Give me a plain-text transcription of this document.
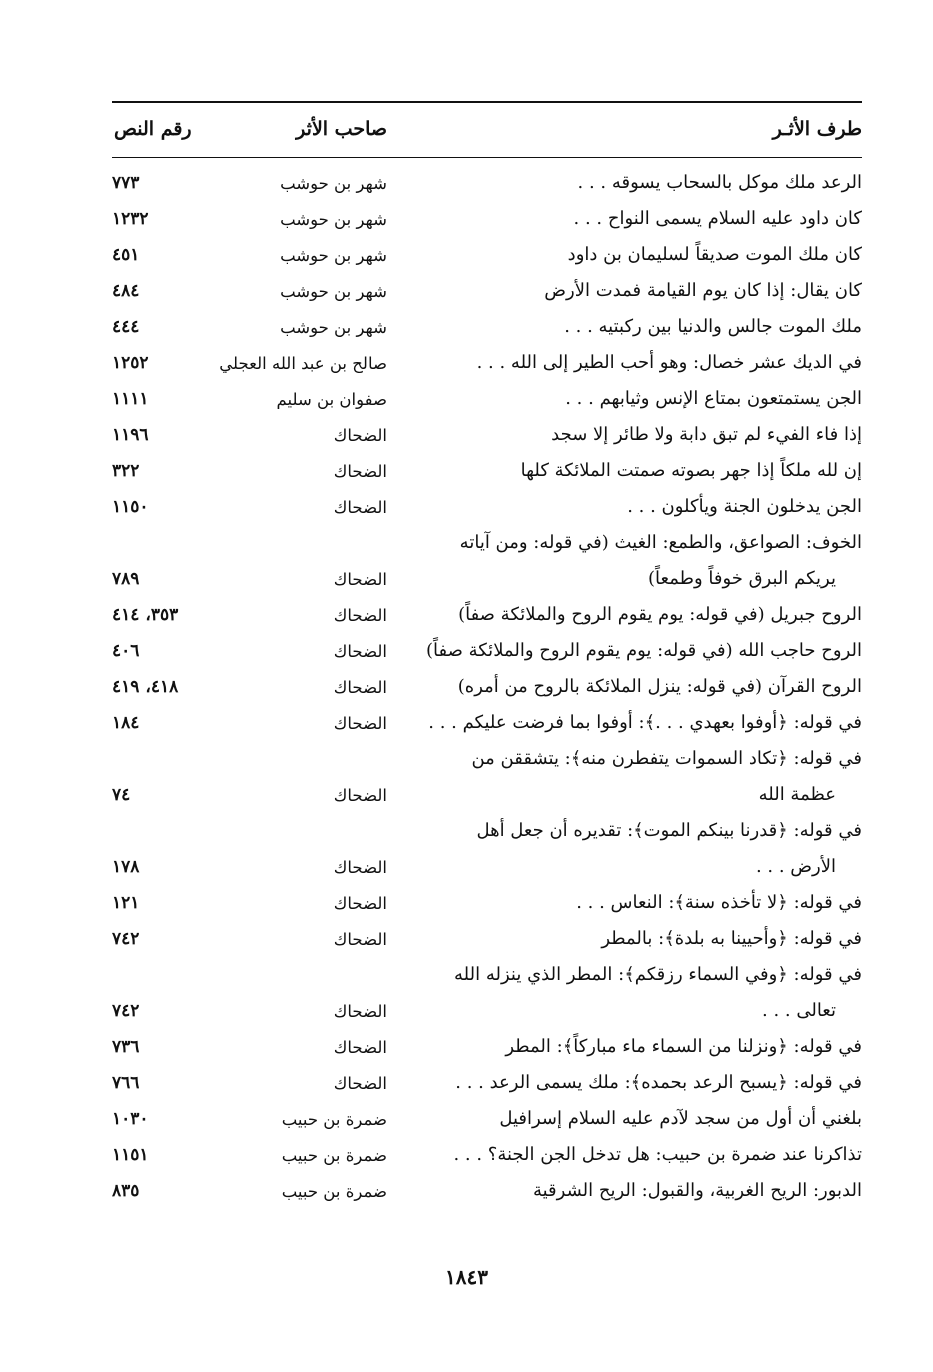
طرف الأثـر
صاحب الأثر
رقم النص
الرعد ملك موكل بالسحاب يسوقه . . .
شهر بن حوشب
٧٧٣
كان داود عليه السلام يسمى النواح . . .
شهر بن حوشب
١٢٣٢
كان ملك الموت صديقاً لسليمان بن داود
شهر بن حوشب
٤٥١
كان يقال: إذا كان يوم القيامة فمدت الأرض
شهر بن حوشب
٤٨٤
ملك الموت جالس والدنيا بين ركبتيه . . .
شهر بن حوشب
٤٤٤
في الديك عشر خصال: وهو أحب الطير إلى الله . . .
صالح بن عبد الله العجلي
١٢٥٢
الجن يستمتعون بمتاع الإنس وثيابهم . . .
صفوان بن سليم
١١١١
إذا فاء الفيء لم تبق دابة ولا طائر إلا سجد
الضحاك
١١٩٦
إن لله ملكاً إذا جهر بصوته صمتت الملائكة كلها
الضحاك
٣٢٢
الجن يدخلون الجنة ويأكلون . . .
الضحاك
١١٥٠
الخوف: الصواعق، والطمع: الغيث (في قوله: ومن آياته
يريكم البرق خوفاً وطمعاً)
الضحاك
٧٨٩
الروح جبريل (في قوله: يوم يقوم الروح والملائكة صفاً)
الضحاك
٣٥٣، ٤١٤
الروح حاجب الله (في قوله: يوم يقوم الروح والملائكة صفاً)
الضحاك
٤٠٦
الروح القرآن (في قوله: ينزل الملائكة بالروح من أمره)
الضحاك
٤١٨، ٤١٩
في قوله: ﴿أوفوا بعهدي . . .﴾: أوفوا بما فرضت عليكم . . .
الضحاك
١٨٤
في قوله: ﴿تكاد السموات يتفطرن منه﴾: يتشققن من
عظمة الله
الضحاك
٧٤
في قوله: ﴿قدرنا بينكم الموت﴾: تقديره أن جعل أهل
الأرض . . .
الضحاك
١٧٨
في قوله: ﴿لا تأخذه سنة﴾: النعاس . . .
الضحاك
١٢١
في قوله: ﴿وأحيينا به بلدة﴾: بالمطر
الضحاك
٧٤٢
في قوله: ﴿وفي السماء رزقكم﴾: المطر الذي ينزله الله
تعالى . . .
الضحاك
٧٤٢
في قوله: ﴿ونزلنا من السماء ماء مباركاً﴾: المطر
الضحاك
٧٣٦
في قوله: ﴿يسبح الرعد بحمده﴾: ملك يسمى الرعد . . .
الضحاك
٧٦٦
بلغني أن أول من سجد لآدم عليه السلام إسرافيل
ضمرة بن حبيب
١٠٣٠
تذاكرنا عند ضمرة بن حبيب: هل تدخل الجن الجنة؟ . . .
ضمرة بن حبيب
١١٥١
الدبور: الريح الغربية، والقبول: الريح الشرقية
ضمرة بن حبيب
٨٣٥
١٨٤٣
